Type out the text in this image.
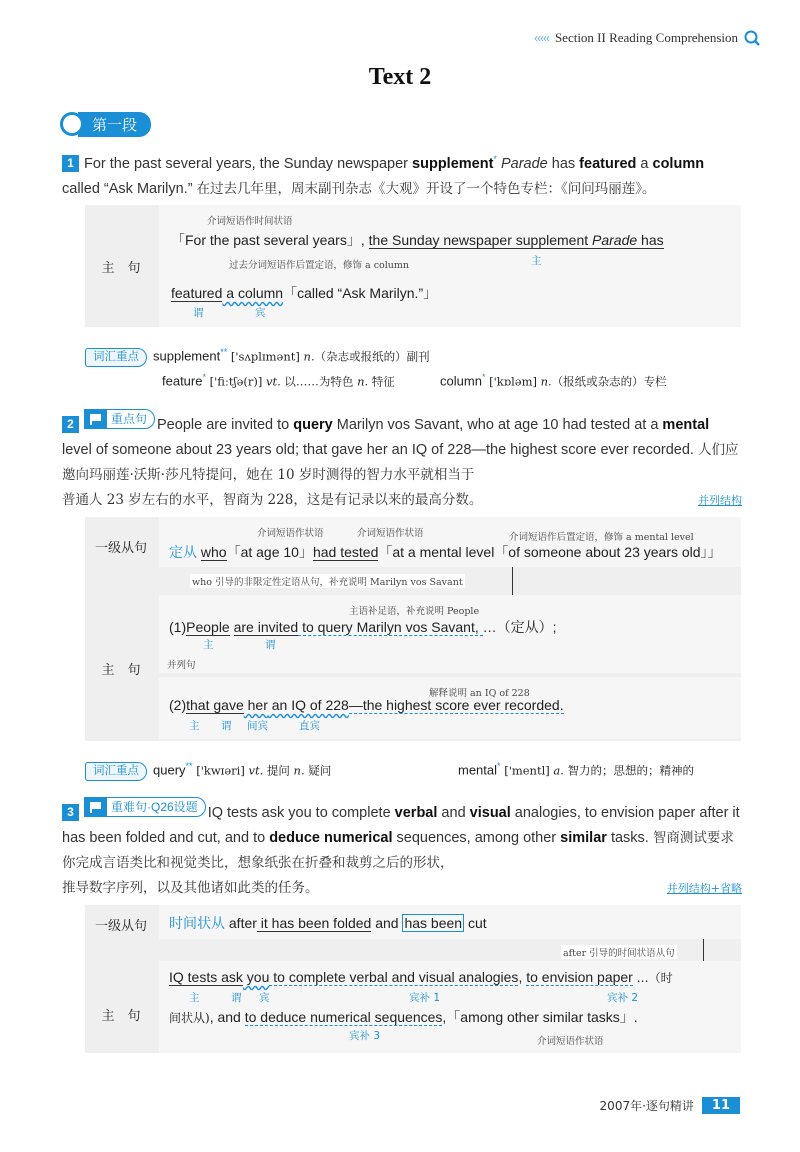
‹‹‹‹‹ Section II Reading Comprehension
Text 2
第一段
1 For the past several years, the Sunday newspaper supplement* Parade has featured a column called “Ask Marilyn.” 在过去几年里，周末副刊杂志《大观》开设了一个特色专栏：《问问玛丽莲》。
主　句
介词短语作时间状语
「For the past several years」, the Sunday newspaper supplement Parade has
主
过去分词短语作后置定语，修饰 a column
featured a column「called “Ask Marilyn.”」
谓	宾
词汇重点 supplement** ['sʌplɪmənt] n.（杂志或报纸的）副刊
feature* ['fiːtʃə(r)] vt. 以……为特色 n. 特征	column* ['kɒləm] n.（报纸或杂志的）专栏
2	重点句 People are invited to query Marilyn vos Savant, who at age 10 had tested at a mental level of someone about 23 years old; that gave her an IQ of 228—the highest score ever recorded. 人们应邀向玛丽莲·沃斯·莎凡特提问，她在 10 岁时测得的智力水平就相当于
普通人 23 岁左右的水平，智商为 228，这是有记录以来的最高分数。	并列结构
一级从句
介词短语作状语	介词短语作状语	介词短语作后置定语，修饰 a mental level
定从 who「at age 10」had tested「at a mental level「of someone about 23 years old」」
who 引导的非限定性定语从句，补充说明 Marilyn vos Savant
主　句
主语补足语，补充说明 People
(1)People are invited to query Marilyn vos Savant, …（定从）;
主	谓
并列句
解释说明 an IQ of 228
(2)that gave her an IQ of 228—the highest score ever recorded.
主 谓 间宾	直宾
词汇重点 query** ['kwɪəri] vt. 提问 n. 疑问	mental* ['mentl] a. 智力的；思想的；精神的
3	重难句·Q26设题 IQ tests ask you to complete verbal and visual analogies, to envision paper after it has been folded and cut, and to deduce numerical sequences, among other similar tasks. 智商测试要求你完成言语类比和视觉类比，想象纸张在折叠和裁剪之后的形状，
推导数字序列，以及其他诸如此类的任务。	并列结构+省略
一级从句	时间状从 after it has been folded and has been cut
after 引导的时间状语从句
主　句
IQ tests ask you to complete verbal and visual analogies, to envision paper …（时
主	谓 宾	宾补 1	宾补 2
间状从), and to deduce numerical sequences,「among other similar tasks」.
宾补 3	介词短语作状语
2007年·逐句精讲	11
